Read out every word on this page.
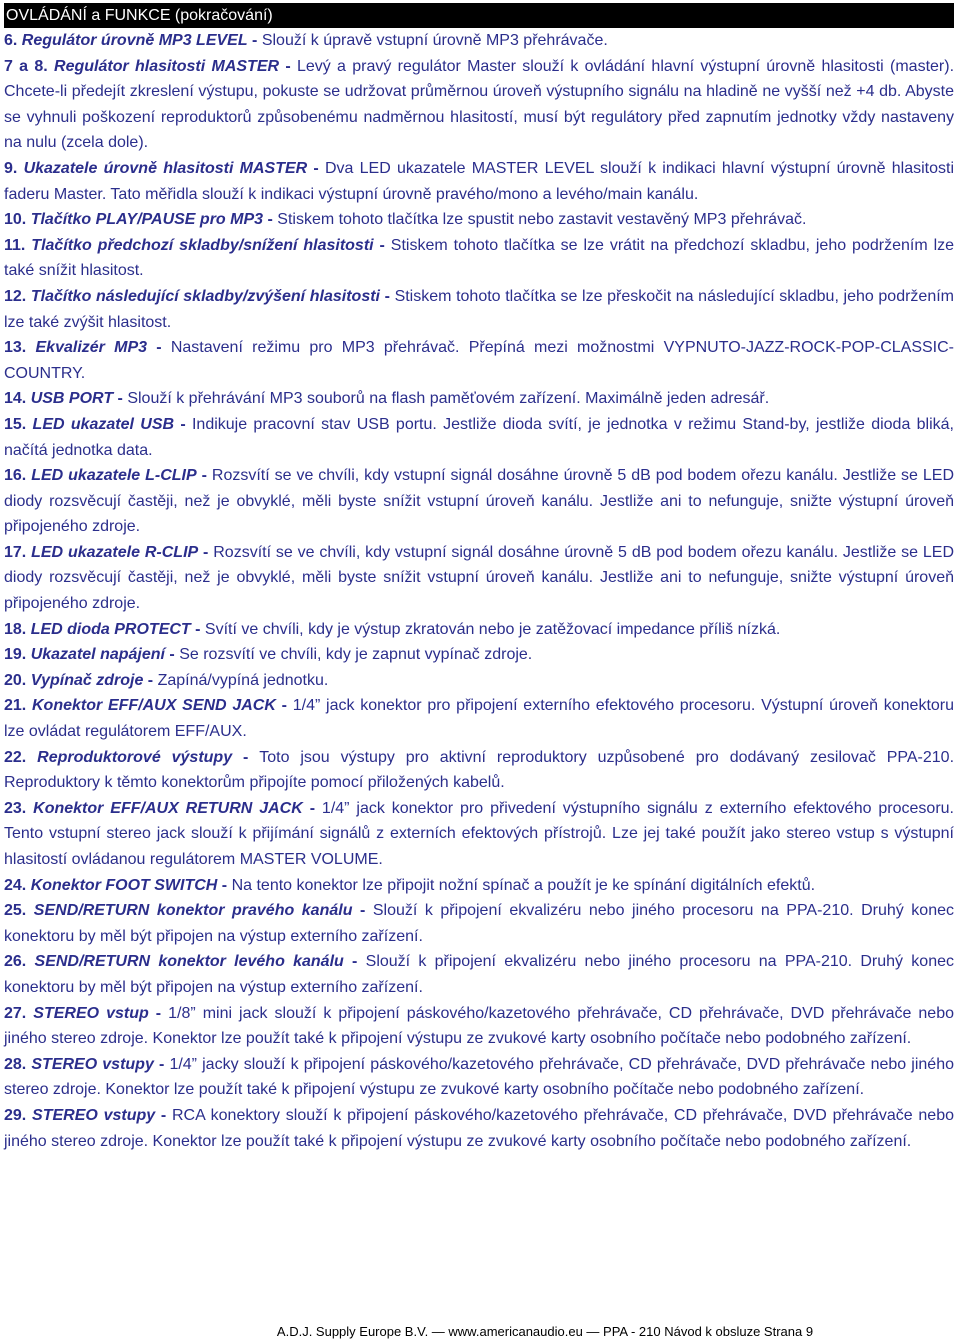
OVLÁDÁNÍ a FUNKCE (pokračování)

6. Regulátor úrovně MP3 LEVEL - Slouží k úpravě vstupní úrovně MP3 přehrávače.

7 a 8. Regulátor hlasitosti MASTER - Levý a pravý regulátor Master slouží k ovládání hlavní výstupní úrovně hlasitosti (master). Chcete-li předejít zkreslení výstupu, pokuste se udržovat průměrnou úroveň výstupního signálu na hladině ne vyšší než +4 db. Abyste se vyhnuli poškození reproduktorů způsobenému nadměrnou hlasitostí, musí být regulátory před zapnutím jednotky vždy nastaveny na nulu (zcela dole).

9. Ukazatele úrovně hlasitosti MASTER - Dva LED ukazatele MASTER LEVEL slouží k indikaci hlavní výstupní úrovně hlasitosti faderu Master. Tato měřidla slouží k indikaci výstupní úrovně pravého/mono a levého/main kanálu.

10. Tlačítko PLAY/PAUSE pro MP3 - Stiskem tohoto tlačítka lze spustit nebo zastavit vestavěný MP3 přehrávač.

11. Tlačítko předchozí skladby/snížení hlasitosti - Stiskem tohoto tlačítka se lze vrátit na předchozí skladbu, jeho podržením lze také snížit hlasitost.

12. Tlačítko následující skladby/zvýšení hlasitosti - Stiskem tohoto tlačítka se lze přeskočit na následující skladbu, jeho podržením lze také zvýšit hlasitost.

13. Ekvalizér MP3 - Nastavení režimu pro MP3 přehrávač. Přepíná mezi možnostmi VYPNUTO-JAZZ-ROCK-POP-CLASSIC-COUNTRY.

14. USB PORT - Slouží k přehrávání MP3 souborů na flash paměťovém zařízení. Maximálně jeden adresář.

15. LED ukazatel USB - Indikuje pracovní stav USB portu. Jestliže dioda svítí, je jednotka v režimu Stand-by, jestliže dioda bliká, načítá jednotka data.

16. LED ukazatele L-CLIP - Rozsvítí se ve chvíli, kdy vstupní signál dosáhne úrovně 5 dB pod bodem ořezu kanálu. Jestliže se LED diody rozsvěcují častěji, než je obvyklé, měli byste snížit vstupní úroveň kanálu. Jestliže ani to nefunguje, snižte výstupní úroveň připojeného zdroje.

17. LED ukazatele R-CLIP - Rozsvítí se ve chvíli, kdy vstupní signál dosáhne úrovně 5 dB pod bodem ořezu kanálu. Jestliže se LED diody rozsvěcují častěji, než je obvyklé, měli byste snížit vstupní úroveň kanálu. Jestliže ani to nefunguje, snižte výstupní úroveň připojeného zdroje.

18. LED dioda PROTECT - Svítí ve chvíli, kdy je výstup zkratován nebo je zatěžovací impedance příliš nízká.

19. Ukazatel napájení - Se rozsvítí ve chvíli, kdy je zapnut vypínač zdroje.

20. Vypínač zdroje - Zapíná/vypíná jednotku.

21. Konektor EFF/AUX SEND JACK - 1/4” jack konektor pro připojení externího efektového procesoru. Výstupní úroveň konektoru lze ovládat regulátorem EFF/AUX.

22. Reproduktorové výstupy - Toto jsou výstupy pro aktivní reproduktory uzpůsobené pro dodávaný zesilovač PPA-210. Reproduktory k těmto konektorům připojíte pomocí přiložených kabelů.

23. Konektor EFF/AUX RETURN JACK - 1/4” jack konektor pro přivedení výstupního signálu z externího efektového procesoru. Tento vstupní stereo jack slouží k přijímání signálů z externích efektových přístrojů. Lze jej také použít jako stereo vstup s výstupní hlasitostí ovládanou regulátorem MASTER VOLUME.

24. Konektor FOOT SWITCH - Na tento konektor lze připojit nožní spínač a použít je ke spínání digitálních efektů.

25. SEND/RETURN konektor pravého kanálu - Slouží k připojení ekvalizéru nebo jiného procesoru na PPA-210. Druhý konec konektoru by měl být připojen na výstup externího zařízení.

26. SEND/RETURN konektor levého kanálu - Slouží k připojení ekvalizéru nebo jiného procesoru na PPA-210. Druhý konec konektoru by měl být připojen na výstup externího zařízení.

27. STEREO vstup - 1/8” mini jack slouží k připojení páskového/kazetového přehrávače, CD přehrávače, DVD přehrávače nebo jiného stereo zdroje. Konektor lze použít také k připojení výstupu ze zvukové karty osobního počítače nebo podobného zařízení.

28. STEREO vstupy - 1/4” jacky slouží k připojení páskového/kazetového přehrávače, CD přehrávače, DVD přehrávače nebo jiného stereo zdroje. Konektor lze použít také k připojení výstupu ze zvukové karty osobního počítače nebo podobného zařízení.

29. STEREO vstupy - RCA konektory slouží k připojení páskového/kazetového přehrávače, CD přehrávače, DVD přehrávače nebo jiného stereo zdroje. Konektor lze použít také k připojení výstupu ze zvukové karty osobního počítače nebo podobného zařízení.

A.D.J. Supply Europe B.V. — www.americanaudio.eu — PPA - 210 Návod k obsluze Strana 9
